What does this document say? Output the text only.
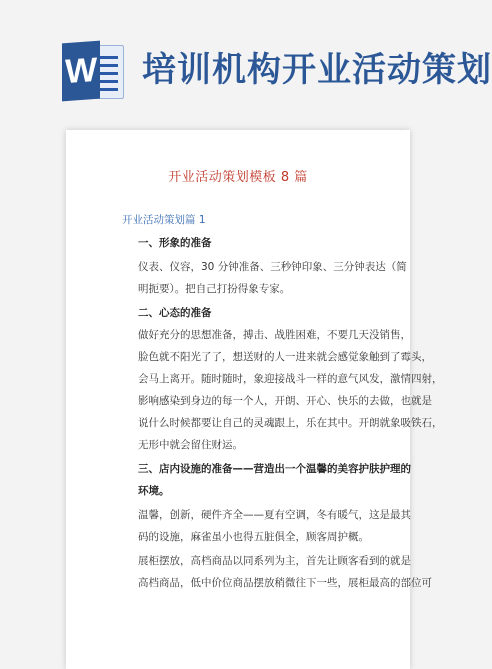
W 培训机构开业活动策划
开业活动策划模板 8 篇
开业活动策划篇 1
一、形象的准备
仪表、仪容，30 分钟准备、三秒钟印象、三分钟表达（简
明扼要）。把自己打扮得象专家。
二、心态的准备
做好充分的思想准备，搏击、战胜困难，不要几天没销售，
脸色就不阳光了了，想送财的人一进来就会感觉象触到了霉头，
会马上离开。随时随时，象迎接战斗一样的意气风发，激情四射，
影响感染到身边的每一个人，开朗、开心、快乐的去做，也就是
说什么时候都要让自己的灵魂跟上，乐在其中。开朗就象吸铁石，
无形中就会留住财运。
三、店内设施的准备——营造出一个温馨的美容护肤护理的
环境。
温馨，创新，硬件齐全——夏有空调，冬有暖气，这是最其
码的设施，麻雀虽小也得五脏俱全，顾客周护概。
展柜摆放，高档商品以同系列为主，首先让顾客看到的就是
高档商品，低中价位商品摆放稍微往下一些，展柜最高的部位可
